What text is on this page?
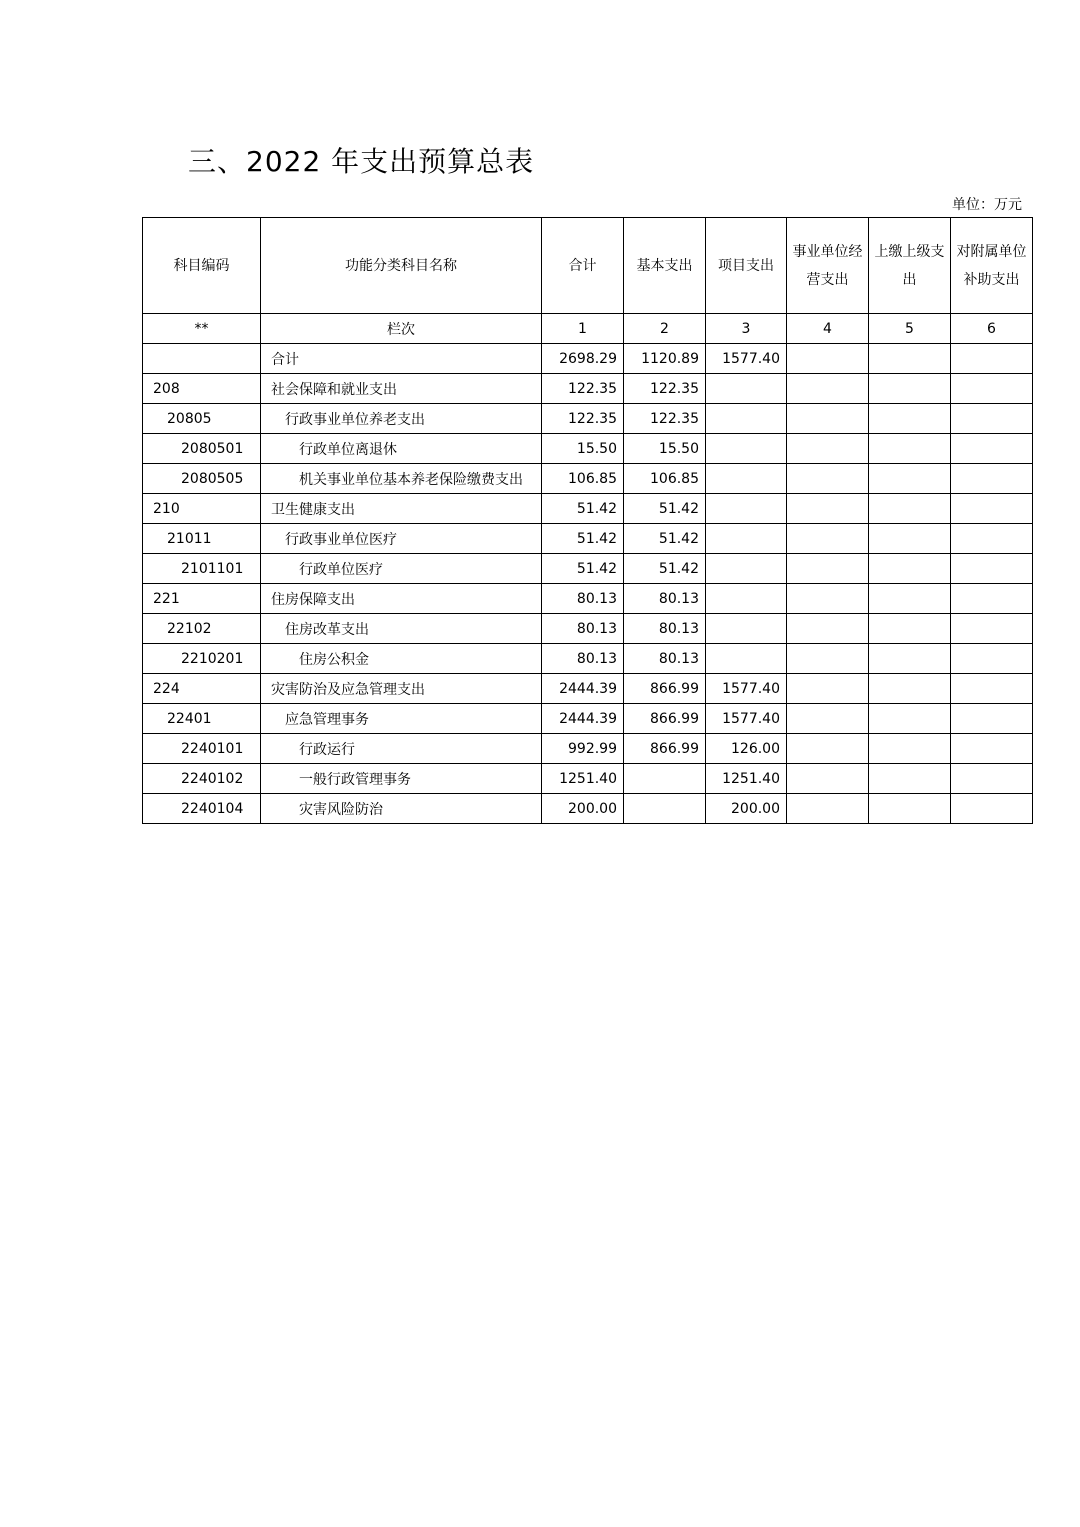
三、2022 年支出预算总表
单位：万元
科目编码	功能分类科目名称	合计	基本支出	项目支出	事业单位经营支出	上缴上级支出	对附属单位补助支出
**	栏次	1	2	3	4	5	6
	合计	2698.29	1120.89	1577.40			
208	社会保障和就业支出	122.35	122.35				
20805	行政事业单位养老支出	122.35	122.35				
2080501	行政单位离退休	15.50	15.50				
2080505	机关事业单位基本养老保险缴费支出	106.85	106.85				
210	卫生健康支出	51.42	51.42				
21011	行政事业单位医疗	51.42	51.42				
2101101	行政单位医疗	51.42	51.42				
221	住房保障支出	80.13	80.13				
22102	住房改革支出	80.13	80.13				
2210201	住房公积金	80.13	80.13				
224	灾害防治及应急管理支出	2444.39	866.99	1577.40			
22401	应急管理事务	2444.39	866.99	1577.40			
2240101	行政运行	992.99	866.99	126.00			
2240102	一般行政管理事务	1251.40		1251.40			
2240104	灾害风险防治	200.00		200.00			
